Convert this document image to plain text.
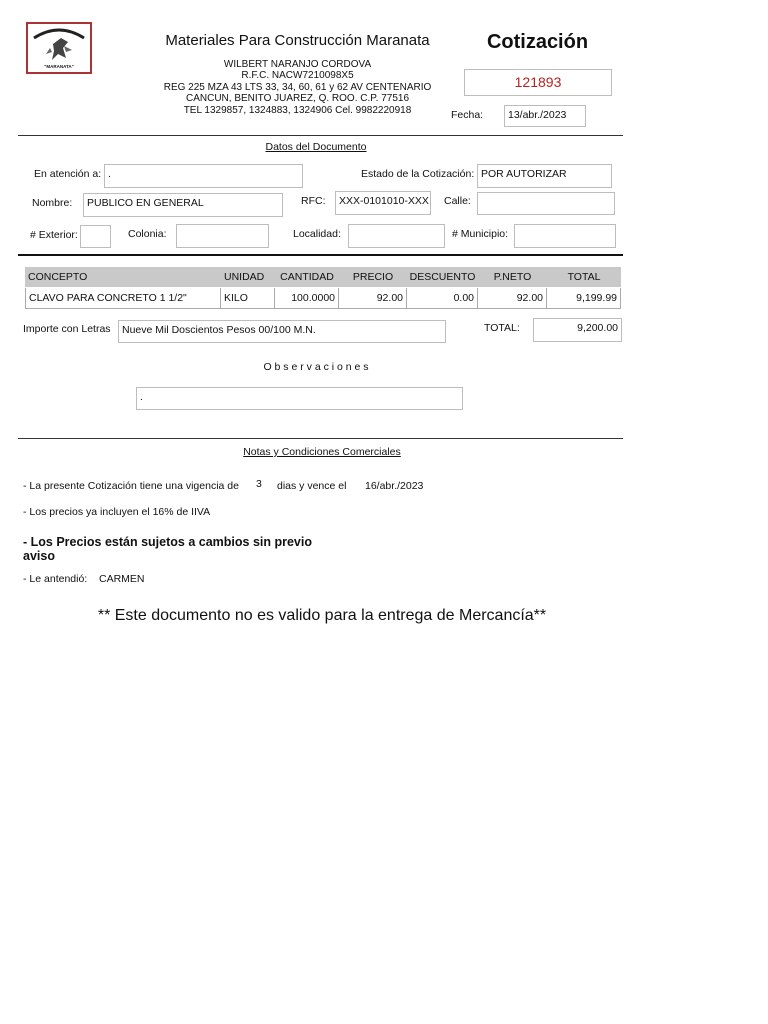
"MARANATA"
Materiales Para Construcción Maranata
WILBERT NARANJO CORDOVA
R.F.C. NACW7210098X5
REG 225 MZA 43 LTS 33, 34, 60, 61 y 62 AV CENTENARIO
CANCUN, BENITO JUAREZ, Q. ROO. C.P. 77516
TEL 1329857, 1324883, 1324906 Cel. 9982220918
Cotización
121893
Fecha:	13/abr./2023
Datos del Documento
En atención a: .	Estado de la Cotización: POR AUTORIZAR
Nombre:	PUBLICO EN GENERAL	RFC:	XXX-0101010-XXX Calle:
# Exterior:	Colonia:	Localidad:	# Municipio:
CONCEPTO	UNIDAD	CANTIDAD	PRECIO	DESCUENTO	P.NETO	TOTAL
CLAVO PARA CONCRETO 1 1/2"	KILO	100.0000	92.00	0.00	92.00	9,199.99
Importe con Letras	Nueve Mil Doscientos Pesos 00/100 M.N.	TOTAL:	9,200.00
O b s e r v a c i o n e s
.
Notas y Condiciones Comerciales
- La presente Cotización tiene una vigencia de 3 dias y vence el 16/abr./2023
- Los precios ya incluyen el 16% de IIVA
- Los Precios están sujetos a cambios sin previo
aviso
- Le antendió: CARMEN
** Este documento no es valido para la entrega de Mercancía**
